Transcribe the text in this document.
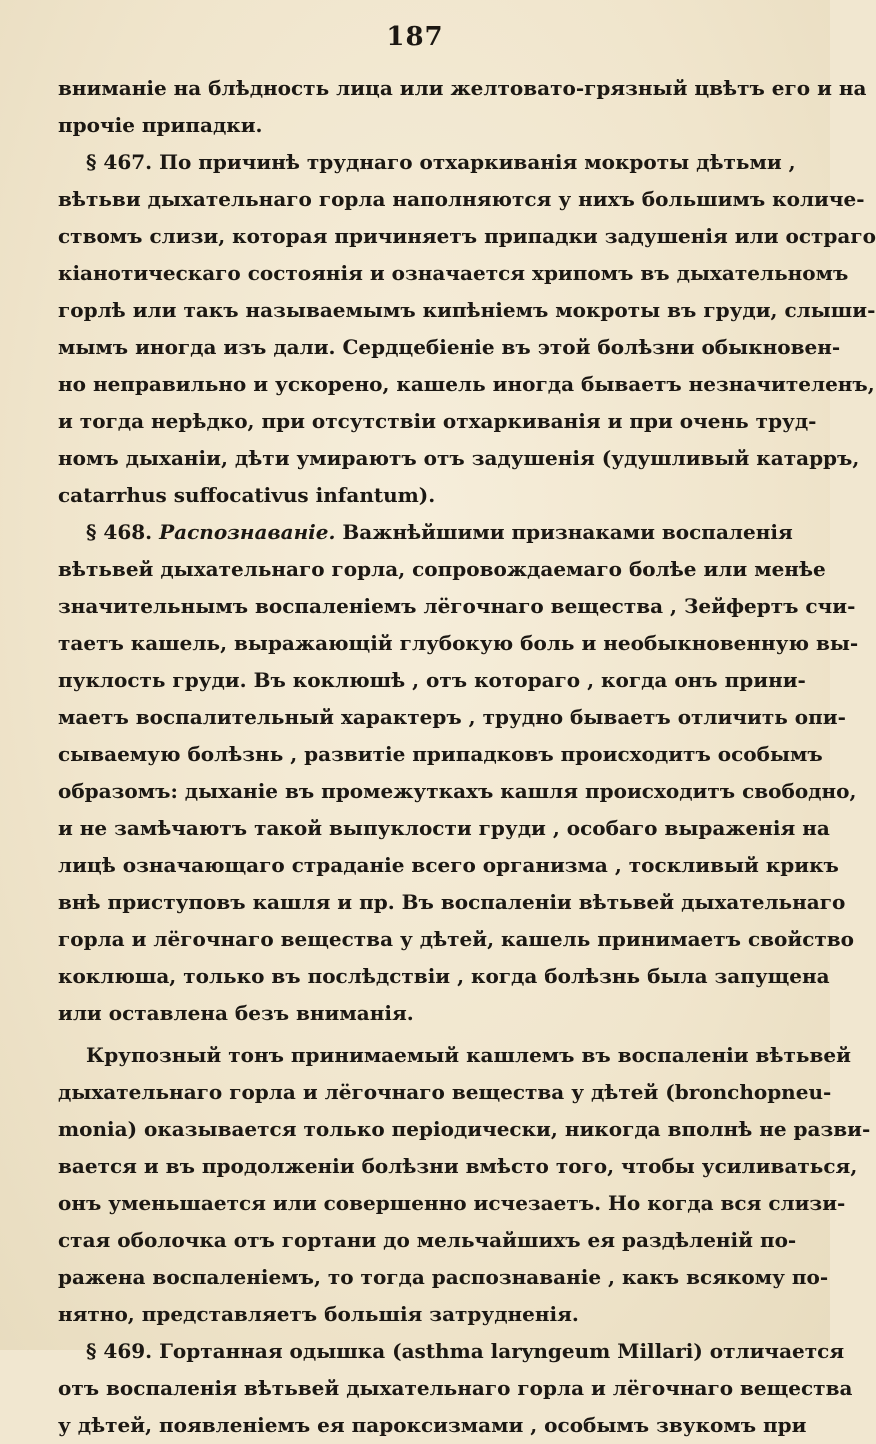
187
вниманіе на блѣдность лица или желтовато-грязный цвѣтъ его и на
прочіе припадки.
§ 467. По причинѣ труднаго отхаркиванія мокроты дѣтьми ,
вѣтьви дыхательнаго горла наполняются у нихъ большимъ количе-
ствомъ слизи, которая причиняетъ припадки задушенія или остраго
кіанотическаго состоянія и означается хрипомъ въ дыхательномъ
горлѣ или такъ называемымъ кипѣніемъ мокроты въ груди, слыши-
мымъ иногда изъ дали. Сердцебіеніе въ этой болѣзни обыкновен-
но неправильно и ускорено, кашель иногда бываетъ незначителенъ,
и тогда нерѣдко, при отсутствіи отхаркиванія и при очень труд-
номъ дыханіи, дѣти умираютъ отъ задушенія (удушливый катарръ,
catarrhus suffocativus infantum).
§ 468. Распознаваніе. Важнѣйшими признаками воспаленія
вѣтьвей дыхательнаго горла, сопровождаемаго болѣе или менѣе
значительнымъ воспаленіемъ лёгочнаго вещества , Зейфертъ счи-
таетъ кашель, выражающій глубокую боль и необыкновенную вы-
пуклость груди. Въ коклюшѣ , отъ котораго , когда онъ прини-
маетъ воспалительный характеръ , трудно бываетъ отличить опи-
сываемую болѣзнь , развитіе припадковъ происходитъ особымъ
образомъ: дыханіе въ промежуткахъ кашля происходитъ свободно,
и не замѣчаютъ такой выпуклости груди , особаго выраженія на
лицѣ означающаго страданіе всего организма , тоскливый крикъ
внѣ приступовъ кашля и пр. Въ воспаленіи вѣтьвей дыхательнаго
горла и лёгочнаго вещества у дѣтей, кашель принимаетъ свойство
коклюша, только въ послѣдствіи , когда болѣзнь была запущена
или оставлена безъ вниманія.
Крупозный тонъ принимаемый кашлемъ въ воспаленіи вѣтьвей
дыхательнаго горла и лёгочнаго вещества у дѣтей (bronchopneu-
monia) оказывается только періодически, никогда вполнѣ не разви-
вается и въ продолженіи болѣзни вмѣсто того, чтобы усиливаться,
онъ уменьшается или совершенно исчезаетъ. Но когда вся слизи-
стая оболочка отъ гортани до мельчайшихъ ея раздѣленій по-
ражена воспаленіемъ, то тогда распознаваніе , какъ всякому по-
нятно, представляетъ большія затрудненія.
§ 469. Гортанная одышка (asthma laryngeum Millari) отличается
отъ воспаленія вѣтьвей дыхательнаго горла и лёгочнаго вещества
у дѣтей, появленіемъ ея пароксизмами , особымъ звукомъ при
